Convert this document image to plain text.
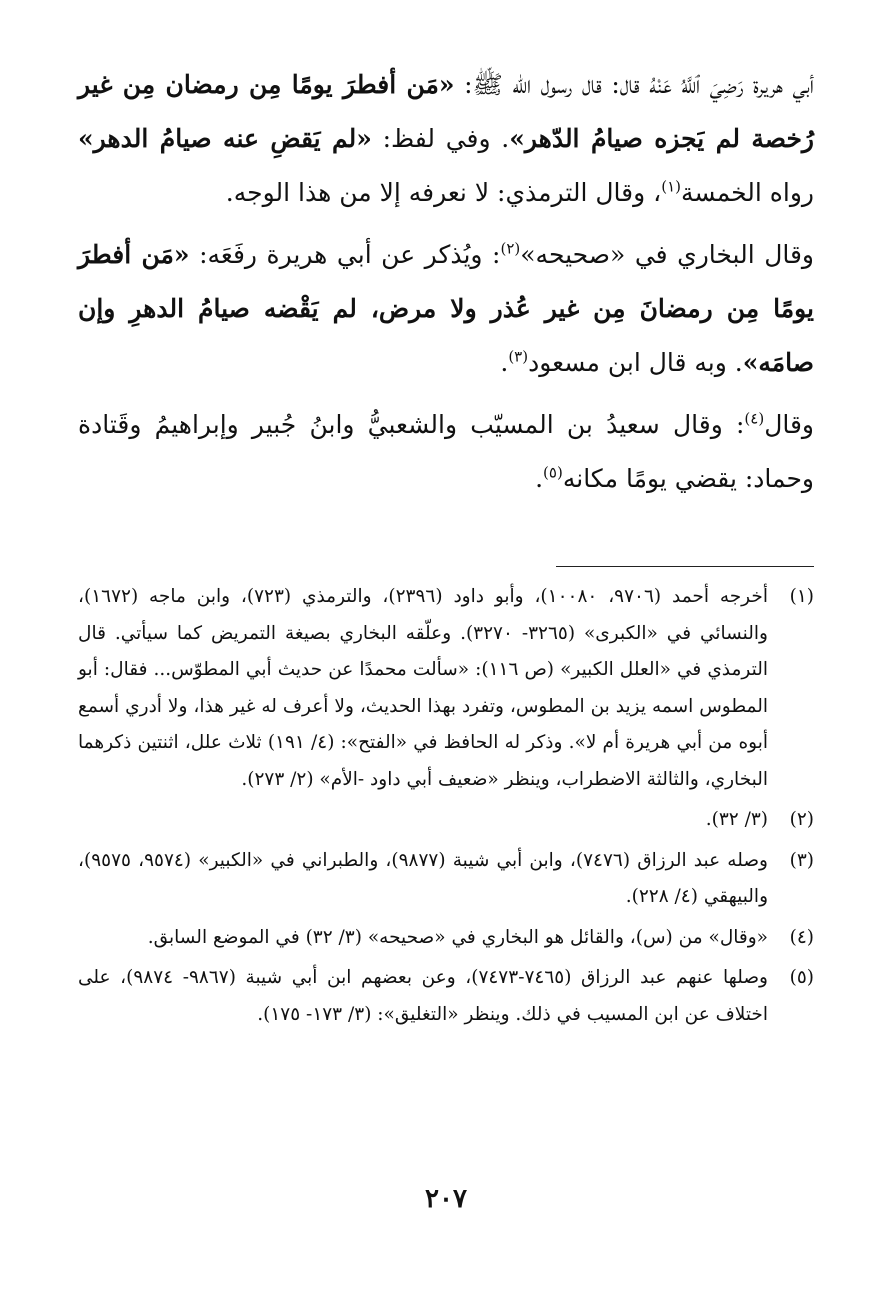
أبي هريرة رَضِيَ ٱللَّهُ عَنْهُ قال: قال رسول الله ﷺ: «مَن أفطرَ يومًا مِن رمضان مِن غير رُخصة لم يَجزه صيامُ الدّهر». وفي لفظ: «لم يَقضِ عنه صيامُ الدهر» رواه الخمسة$^{(١)}$، وقال الترمذي: لا نعرفه إلا من هذا الوجه.

وقال البخاري في «صحيحه»$^{(٢)}$: ويُذكر عن أبي هريرة رفَعَه: «مَن أفطرَ يومًا مِن رمضانَ مِن غير عُذر ولا مرض، لم يَقْضه صيامُ الدهرِ وإن صامَه». وبه قال ابن مسعود$^{(٣)}$.

وقال$^{(٤)}$: وقال سعيدُ بن المسيّب والشعبيُّ وابنُ جُبير وإبراهيمُ وقَتادة وحماد: يقضي يومًا مكانه$^{(٥)}$.

(١)
أخرجه أحمد (٩٧٠٦، ١٠٠٨٠)، وأبو داود (٢٣٩٦)، والترمذي (٧٢٣)، وابن ماجه (١٦٧٢)، والنسائي في «الكبرى» (٣٢٦٥- ٣٢٧٠). وعلّقه البخاري بصيغة التمريض كما سيأتي. قال الترمذي في «العلل الكبير» (ص ١١٦): «سألت محمدًا عن حديث أبي المطوّس... فقال: أبو المطوس اسمه يزيد بن المطوس، وتفرد بهذا الحديث، ولا أعرف له غير هذا، ولا أدري أسمع أبوه من أبي هريرة أم لا». وذكر له الحافظ في «الفتح»: (٤/ ١٩١) ثلاث علل، اثنتين ذكرهما البخاري، والثالثة الاضطراب، وينظر «ضعيف أبي داود -الأم» (٢/ ٢٧٣).
(٢)
(٣/ ٣٢).
(٣)
وصله عبد الرزاق (٧٤٧٦)، وابن أبي شيبة (٩٨٧٧)، والطبراني في «الكبير» (٩٥٧٤، ٩٥٧٥)، والبيهقي (٤/ ٢٢٨).
(٤)
«وقال» من (س)، والقائل هو البخاري في «صحيحه» (٣/ ٣٢) في الموضع السابق.
(٥)
وصلها عنهم عبد الرزاق (٧٤٦٥-٧٤٧٣)، وعن بعضهم ابن أبي شيبة (٩٨٦٧- ٩٨٧٤)، على اختلاف عن ابن المسيب في ذلك. وينظر «التغليق»: (٣/ ١٧٣- ١٧٥).
٢٠٧
